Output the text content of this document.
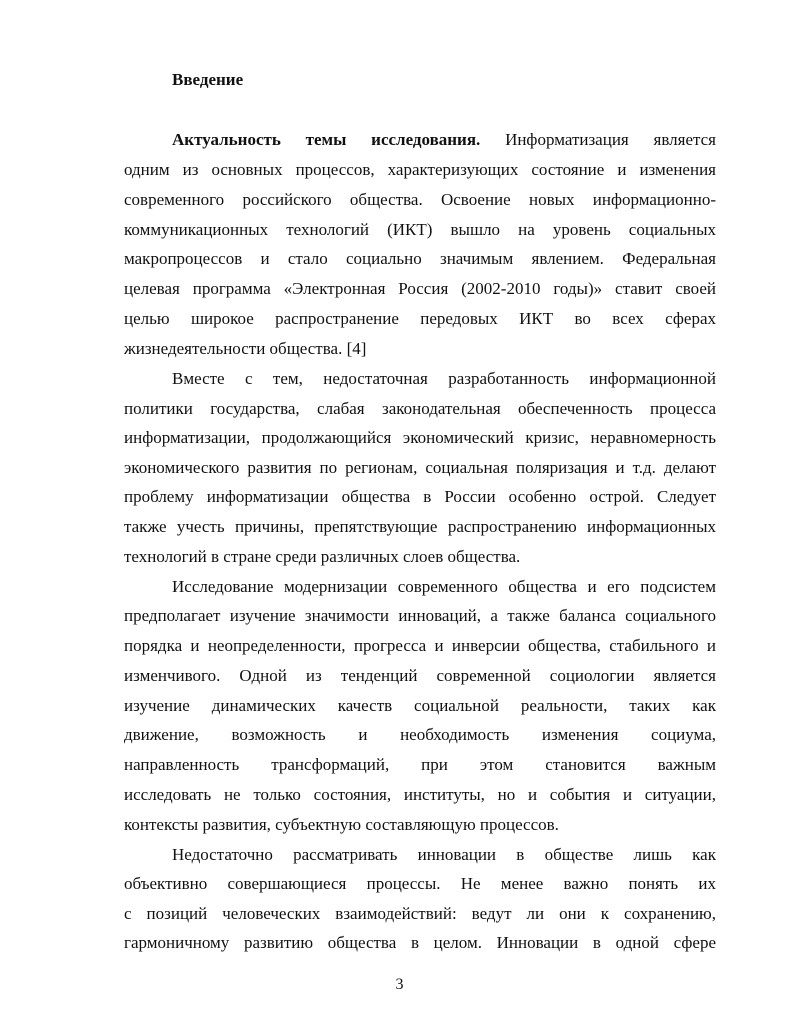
Введение
Актуальность темы исследования. Информатизация является
одним из основных процессов, характеризующих состояние и изменения
современного российского общества. Освоение новых информационно-
коммуникационных технологий (ИКТ) вышло на уровень социальных
макропроцессов и стало социально значимым явлением. Федеральная
целевая программа «Электронная Россия (2002-2010 годы)» ставит своей
целью широкое распространение передовых ИКТ во всех сферах
жизнедеятельности общества. [4]
Вместе с тем, недостаточная разработанность информационной
политики государства, слабая законодательная обеспеченность процесса
информатизации, продолжающийся экономический кризис, неравномерность
экономического развития по регионам, социальная поляризация и т.д. делают
проблему информатизации общества в России особенно острой. Следует
также учесть причины, препятствующие распространению информационных
технологий в стране среди различных слоев общества.
Исследование модернизации современного общества и его подсистем
предполагает изучение значимости инноваций, а также баланса социального
порядка и неопределенности, прогресса и инверсии общества, стабильного и
изменчивого. Одной из тенденций современной социологии является
изучение динамических качеств социальной реальности, таких как
движение, возможность и необходимость изменения социума,
направленность трансформаций, при этом становится важным
исследовать не только состояния, институты, но и события и ситуации,
контексты развития, субъектную составляющую процессов.
Недостаточно рассматривать инновации в обществе лишь как
объективно совершающиеся процессы. Не менее важно понять их
с позиций человеческих взаимодействий: ведут ли они к сохранению,
гармоничному развитию общества в целом. Инновации в одной сфере
3
